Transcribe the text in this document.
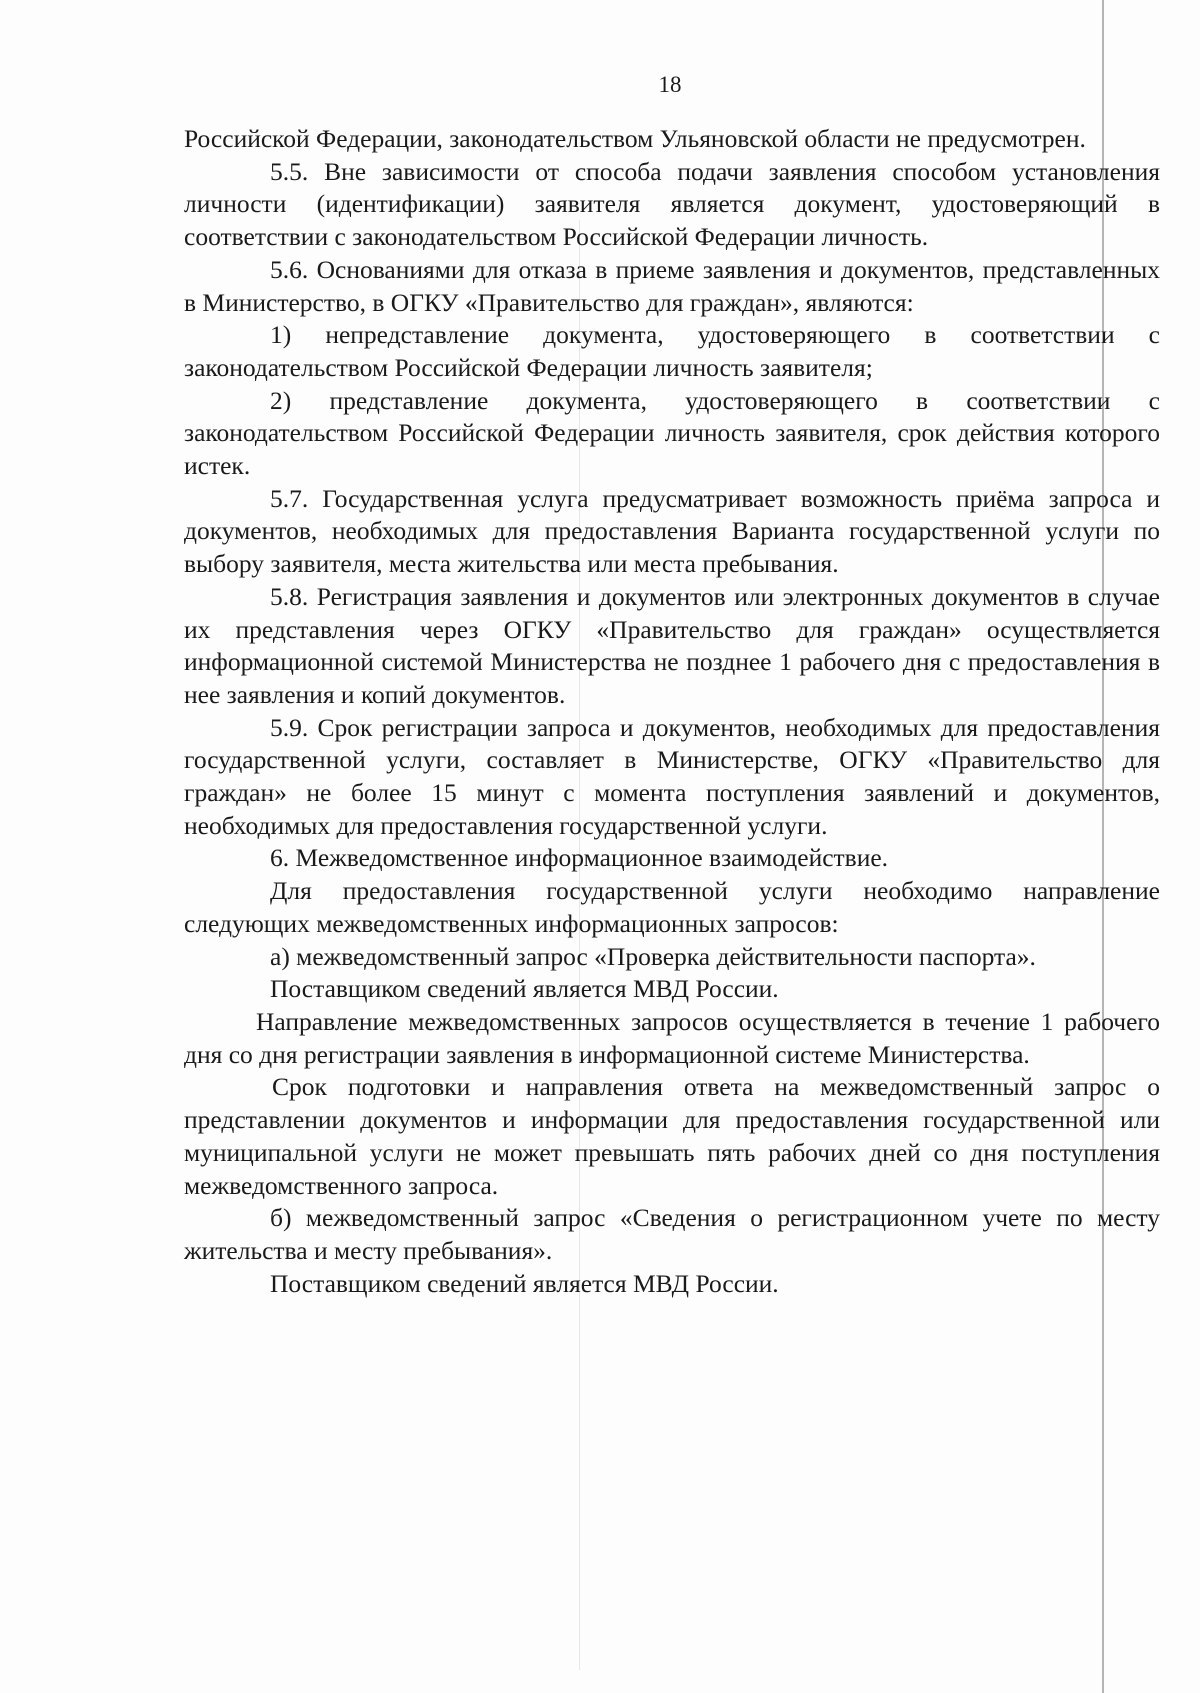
18

Российской Федерации, законодательством Ульяновской области не предусмотрен.

5.5. Вне зависимости от способа подачи заявления способом установления личности (идентификации) заявителя является документ, удостоверяющий в соответствии с законодательством Российской Федерации личность.

5.6. Основаниями для отказа в приеме заявления и документов, представленных в Министерство, в ОГКУ «Правительство для граждан», являются:

1) непредставление документа, удостоверяющего в соответствии с законодательством Российской Федерации личность заявителя;

2) представление документа, удостоверяющего в соответствии с законодательством Российской Федерации личность заявителя, срок действия которого истек.

5.7. Государственная услуга предусматривает возможность приёма запроса и документов, необходимых для предоставления Варианта государственной услуги по выбору заявителя, места жительства или места пребывания.

5.8. Регистрация заявления и документов или электронных документов в случае их представления через ОГКУ «Правительство для граждан» осуществляется информационной системой Министерства не позднее 1 рабочего дня с предоставления в нее заявления и копий документов.

5.9. Срок регистрации запроса и документов, необходимых для предоставления государственной услуги, составляет в Министерстве, ОГКУ «Правительство для граждан» не более 15 минут с момента поступления заявлений и документов, необходимых для предоставления государственной услуги.

6. Межведомственное информационное взаимодействие.

Для предоставления государственной услуги необходимо направление следующих межведомственных информационных запросов:

а) межведомственный запрос «Проверка действительности паспорта».

Поставщиком сведений является МВД России.

Направление межведомственных запросов осуществляется в течение 1 рабочего дня со дня регистрации заявления в информационной системе Министерства.

Срок подготовки и направления ответа на межведомственный запрос о представлении документов и информации для предоставления государственной или муниципальной услуги не может превышать пять рабочих дней со дня поступления межведомственного запроса.

б) межведомственный запрос «Сведения о регистрационном учете по месту жительства и месту пребывания».

Поставщиком сведений является МВД России.
